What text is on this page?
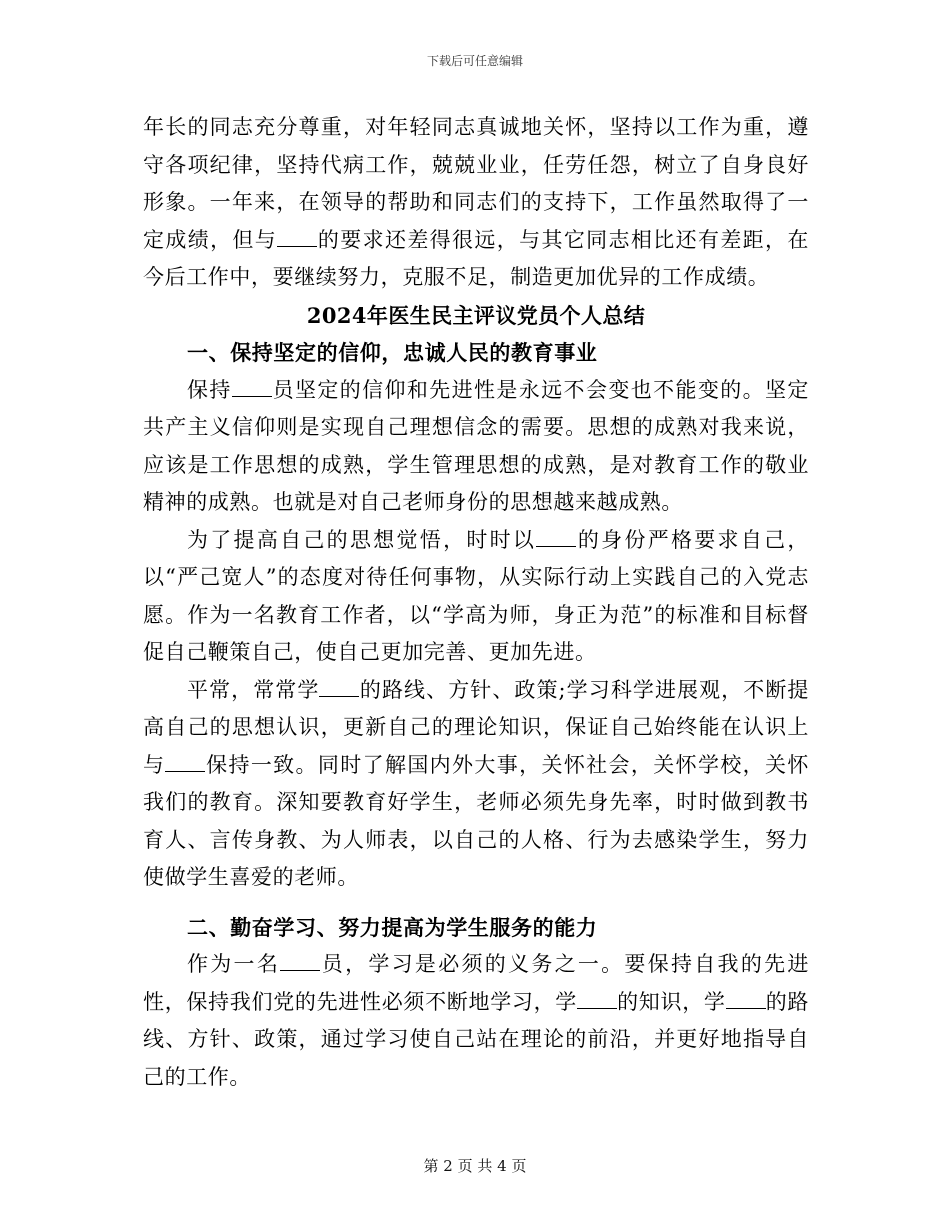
下载后可任意编辑

年长的同志充分尊重，对年轻同志真诚地关怀，坚持以工作为重，遵守各项纪律，坚持代病工作，兢兢业业，任劳任怨，树立了自身良好形象。一年来，在领导的帮助和同志们的支持下，工作虽然取得了一定成绩，但与 的要求还差得很远，与其它同志相比还有差距，在今后工作中，要继续努力，克服不足，制造更加优异的工作成绩。

2024年医生民主评议党员个人总结

一、保持坚定的信仰，忠诚人民的教育事业

保持 员坚定的信仰和先进性是永远不会变也不能变的。坚定共产主义信仰则是实现自己理想信念的需要。思想的成熟对我来说，应该是工作思想的成熟，学生管理思想的成熟，是对教育工作的敬业精神的成熟。也就是对自己老师身份的思想越来越成熟。

为了提高自己的思想觉悟，时时以 的身份严格要求自己，以“严己宽人”的态度对待任何事物，从实际行动上实践自己的入党志愿。作为一名教育工作者，以“学高为师，身正为范”的标准和目标督促自己鞭策自己，使自己更加完善、更加先进。

平常，常常学 的路线、方针、政策;学习科学进展观，不断提高自己的思想认识，更新自己的理论知识，保证自己始终能在认识上与 保持一致。同时了解国内外大事，关怀社会，关怀学校，关怀我们的教育。深知要教育好学生，老师必须先身先率，时时做到教书育人、言传身教、为人师表，以自己的人格、行为去感染学生，努力使做学生喜爱的老师。

二、勤奋学习、努力提高为学生服务的能力

作为一名 员，学习是必须的义务之一。要保持自我的先进性，保持我们党的先进性必须不断地学习，学 的知识，学 的路线、方针、政策，通过学习使自己站在理论的前沿，并更好地指导自己的工作。

第 2 页 共 4 页
